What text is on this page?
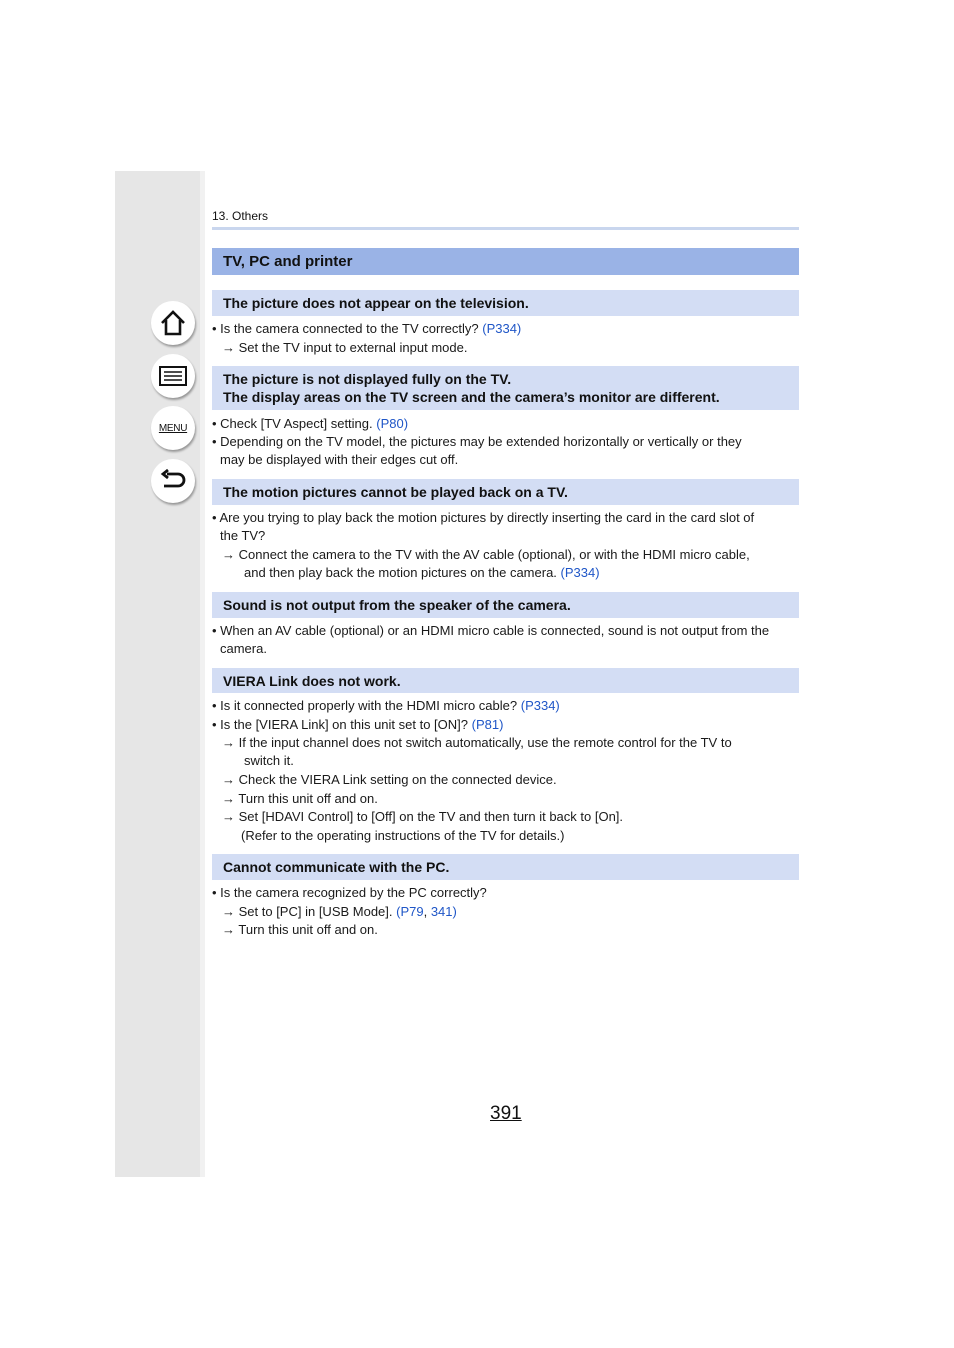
MENU
13. Others
TV, PC and printer
The picture does not appear on the television.
• Is the camera connected to the TV correctly? (P334)
→ Set the TV input to external input mode.
The picture is not displayed fully on the TV.
The display areas on the TV screen and the camera’s monitor are different.
• Check [TV Aspect] setting. (P80)
• Depending on the TV model, the pictures may be extended horizontally or vertically or they
may be displayed with their edges cut off.
The motion pictures cannot be played back on a TV.
• Are you trying to play back the motion pictures by directly inserting the card in the card slot of
the TV?
→ Connect the camera to the TV with the AV cable (optional), or with the HDMI micro cable,
and then play back the motion pictures on the camera. (P334)
Sound is not output from the speaker of the camera.
• When an AV cable (optional) or an HDMI micro cable is connected, sound is not output from the
camera.
VIERA Link does not work.
• Is it connected properly with the HDMI micro cable? (P334)
• Is the [VIERA Link] on this unit set to [ON]? (P81)
→ If the input channel does not switch automatically, use the remote control for the TV to
switch it.
→ Check the VIERA Link setting on the connected device.
→ Turn this unit off and on.
→ Set [HDAVI Control] to [Off] on the TV and then turn it back to [On].
(Refer to the operating instructions of the TV for details.)
Cannot communicate with the PC.
• Is the camera recognized by the PC correctly?
→ Set to [PC] in [USB Mode]. (P79, 341)
→ Turn this unit off and on.
391
